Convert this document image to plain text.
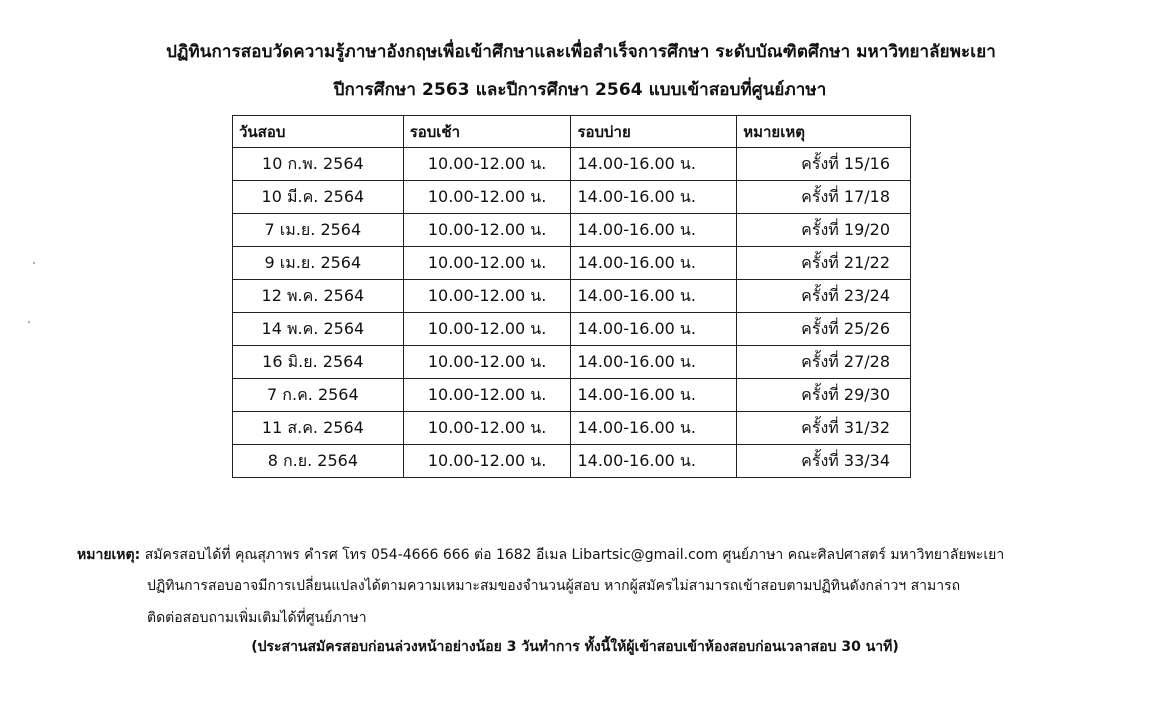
ปฏิทินการสอบวัดความรู้ภาษาอังกฤษเพื่อเข้าศึกษาและเพื่อสำเร็จการศึกษา ระดับบัณฑิตศึกษา มหาวิทยาลัยพะเยา
ปีการศึกษา 2563 และปีการศึกษา 2564 แบบเข้าสอบที่ศูนย์ภาษา
วันสอบ	รอบเช้า	รอบบ่าย	หมายเหตุ
10 ก.พ. 2564	10.00-12.00 น.	14.00-16.00 น.	ครั้งที่ 15/16
10 มี.ค. 2564	10.00-12.00 น.	14.00-16.00 น.	ครั้งที่ 17/18
7 เม.ย. 2564	10.00-12.00 น.	14.00-16.00 น.	ครั้งที่ 19/20
9 เม.ย. 2564	10.00-12.00 น.	14.00-16.00 น.	ครั้งที่ 21/22
12 พ.ค. 2564	10.00-12.00 น.	14.00-16.00 น.	ครั้งที่ 23/24
14 พ.ค. 2564	10.00-12.00 น.	14.00-16.00 น.	ครั้งที่ 25/26
16 มิ.ย. 2564	10.00-12.00 น.	14.00-16.00 น.	ครั้งที่ 27/28
7 ก.ค. 2564	10.00-12.00 น.	14.00-16.00 น.	ครั้งที่ 29/30
11 ส.ค. 2564	10.00-12.00 น.	14.00-16.00 น.	ครั้งที่ 31/32
8 ก.ย. 2564	10.00-12.00 น.	14.00-16.00 น.	ครั้งที่ 33/34
หมายเหตุ: สมัครสอบได้ที่ คุณสุภาพร คำรศ โทร 054-4666 666 ต่อ 1682 อีเมล Libartsic@gmail.com ศูนย์ภาษา คณะศิลปศาสตร์ มหาวิทยาลัยพะเยา
ปฏิทินการสอบอาจมีการเปลี่ยนแปลงได้ตามความเหมาะสมของจำนวนผู้สอบ หากผู้สมัครไม่สามารถเข้าสอบตามปฏิทินดังกล่าวฯ สามารถ
ติดต่อสอบถามเพิ่มเติมได้ที่ศูนย์ภาษา
(ประสานสมัครสอบก่อนล่วงหน้าอย่างน้อย 3 วันทำการ ทั้งนี้ให้ผู้เข้าสอบเข้าห้องสอบก่อนเวลาสอบ 30 นาที)
